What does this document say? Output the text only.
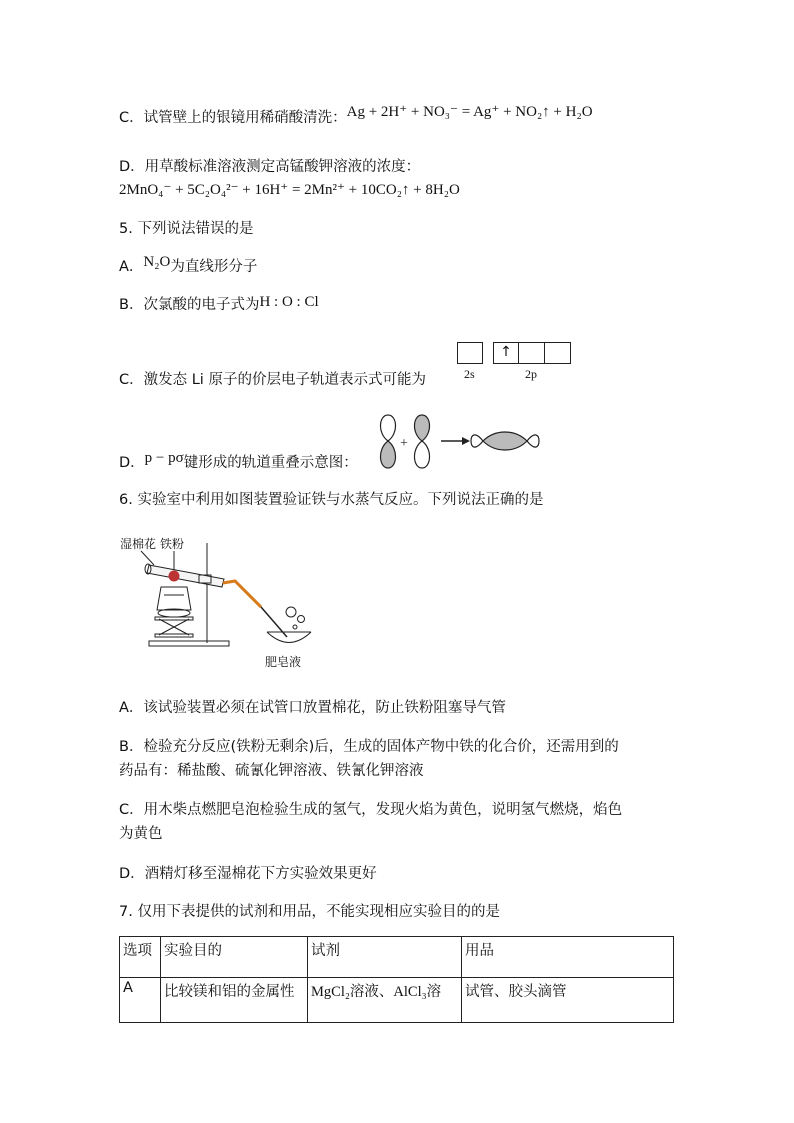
C．试管壁上的银镜用稀硝酸清洗：Ag + 2H⁺ + NO₃⁻ = Ag⁺ + NO₂↑ + H₂O
D．用草酸标准溶液测定高锰酸钾溶液的浓度：
2MnO₄⁻ + 5C₂O₄²⁻ + 16H⁺ = 2Mn²⁺ + 10CO₂↑ + 8H₂O
5. 下列说法错误的是
A．N₂O为直线形分子
B．次氯酸的电子式为H : O : Cl
C．激发态 Li 原子的价层电子轨道表示式可能为
↑
2s	2p
D．p − pσ键形成的轨道重叠示意图：
+
6. 实验室中利用如图装置验证铁与水蒸气反应。下列说法正确的是
湿棉花 铁粉
肥皂液
A．该试验装置必须在试管口放置棉花，防止铁粉阻塞导气管
B．检验充分反应(铁粉无剩余)后，生成的固体产物中铁的化合价，还需用到的
药品有：稀盐酸、硫氰化钾溶液、铁氰化钾溶液
C．用木柴点燃肥皂泡检验生成的氢气，发现火焰为黄色，说明氢气燃烧，焰色
为黄色
D．酒精灯移至湿棉花下方实验效果更好
7. 仅用下表提供的试剂和用品，不能实现相应实验目的的是
选项	实验目的	试剂	用品
A	比较镁和铝的金属性	MgCl₂溶液、AlCl₃溶	试管、胶头滴管
